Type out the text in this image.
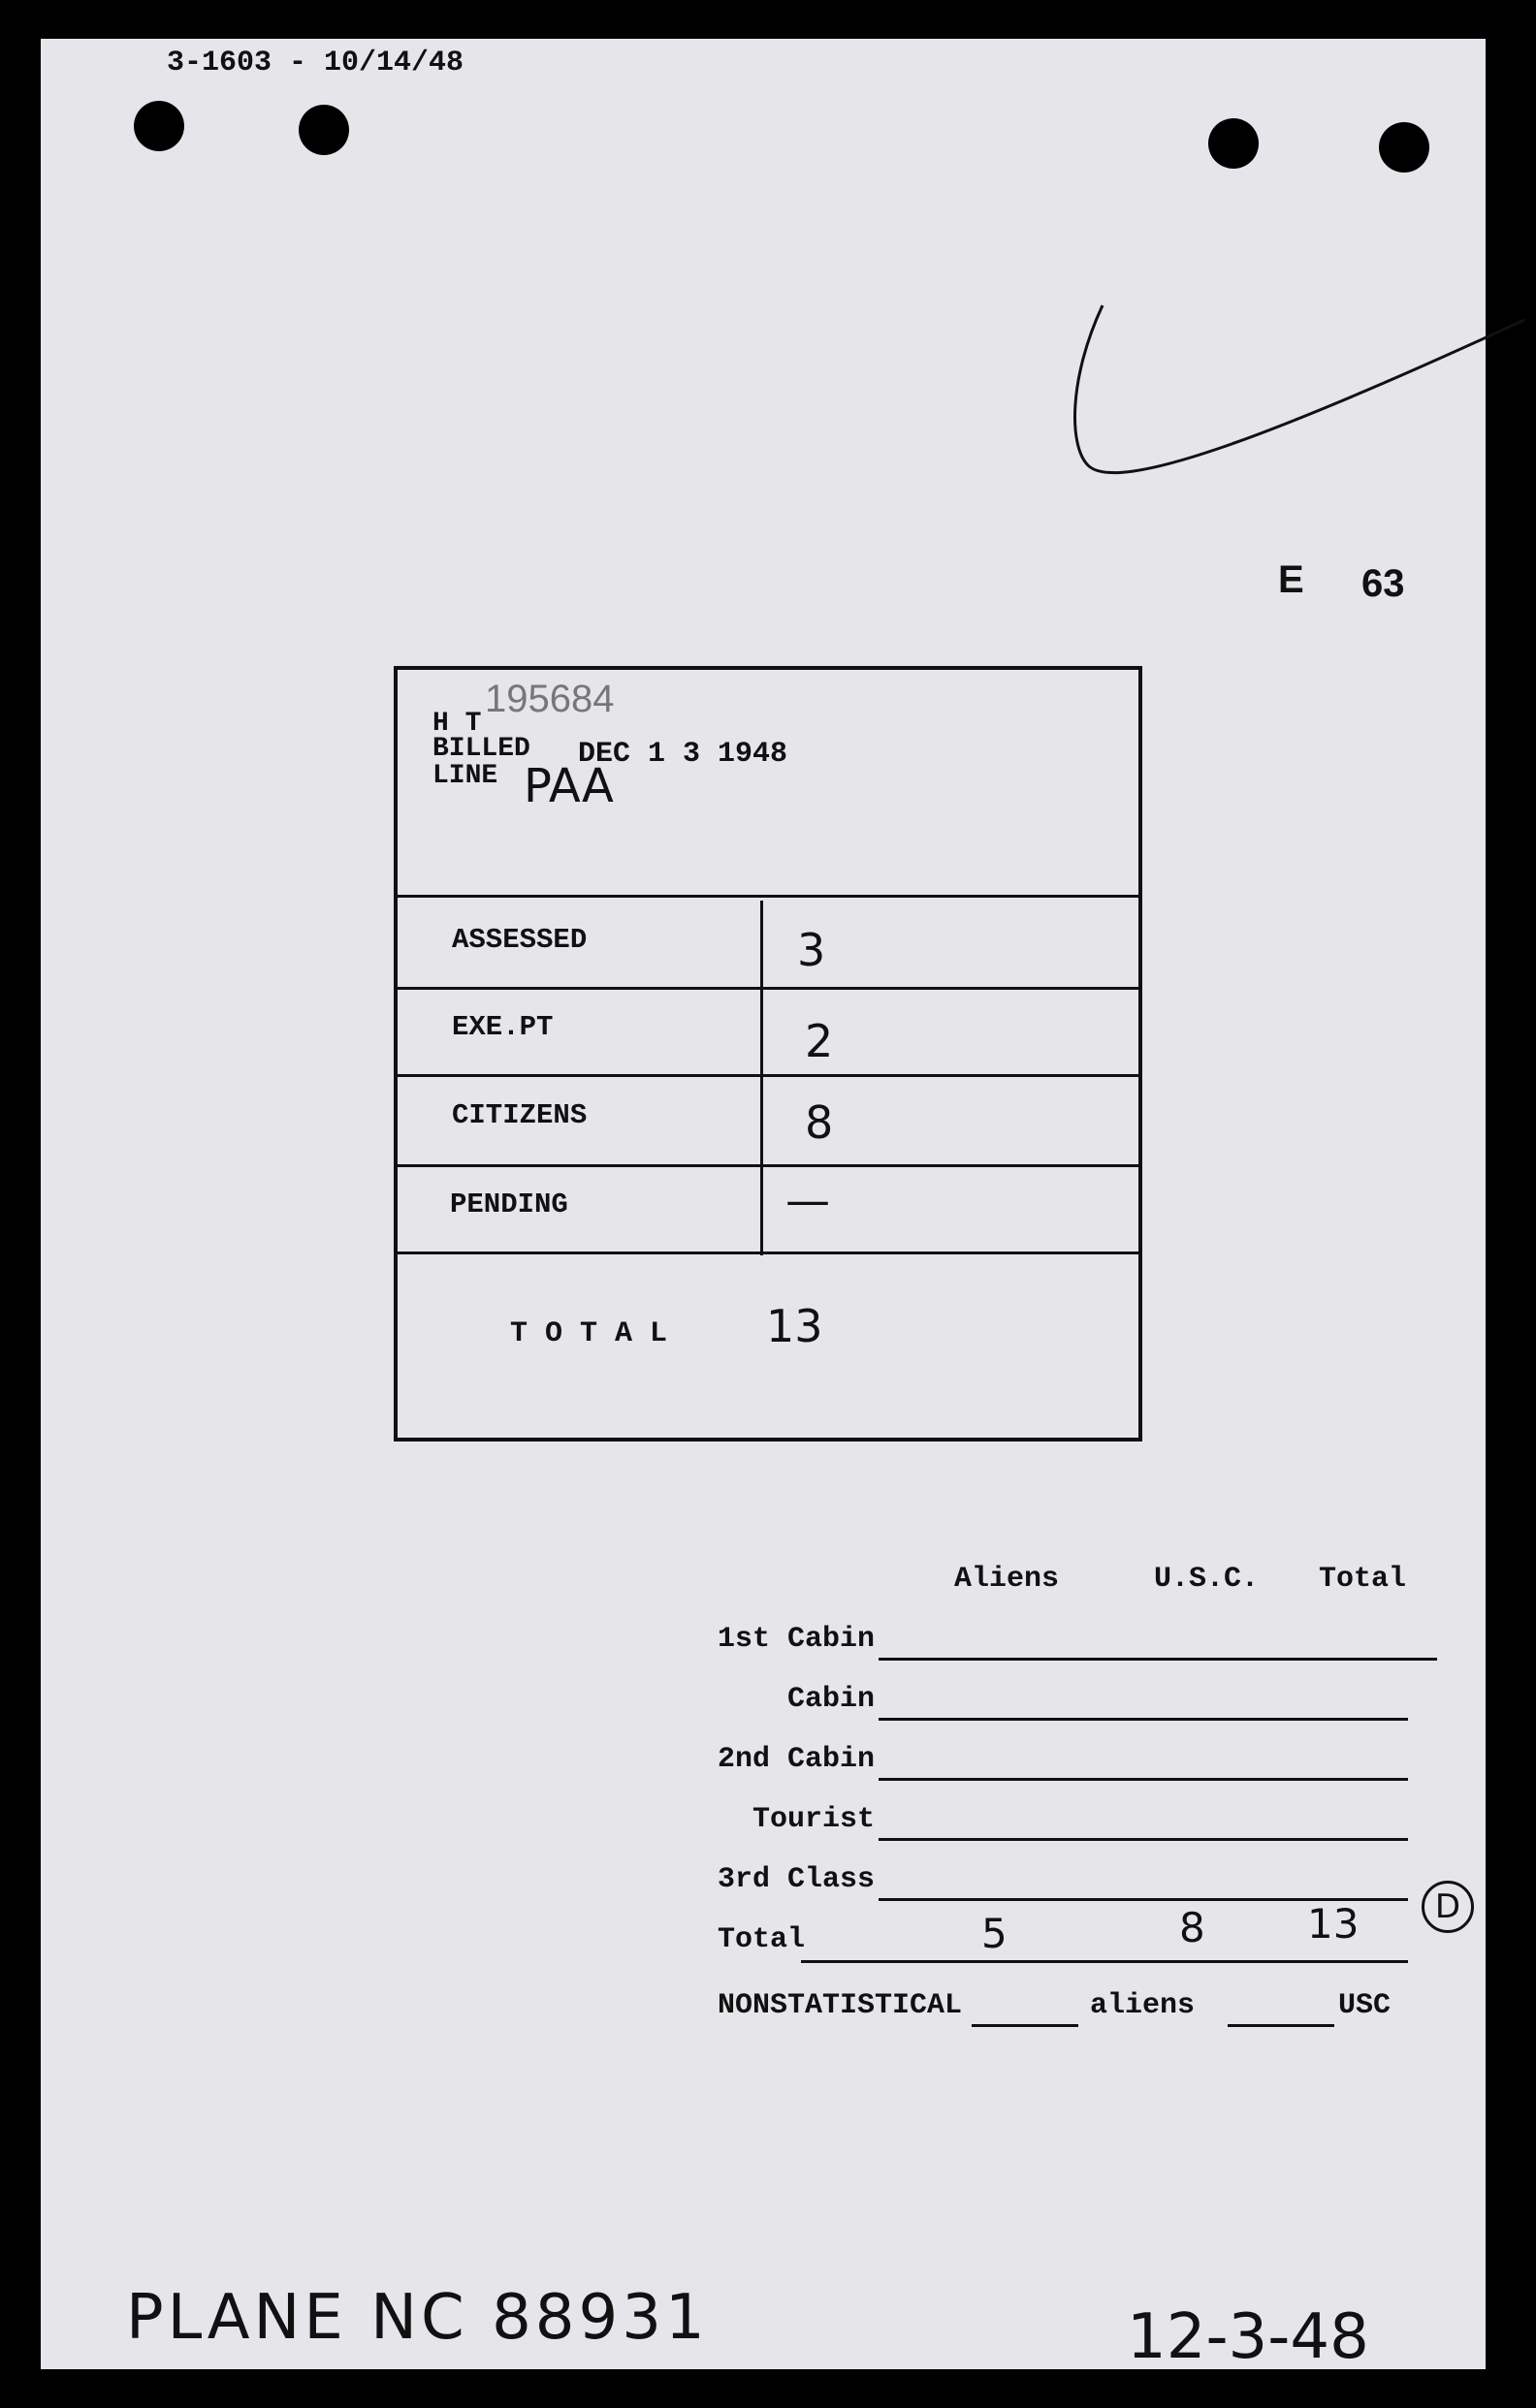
3-1603 - 10/14/48
E 63
195684
H T
BILLED DEC 1 3 1948
LINE PAA
ASSESSED	3
EXE.PT	2
CITIZENS	8
PENDING	—
T O T A L 13
Aliens	U.S.C. Total
1st Cabin
Cabin
2nd Cabin
Tourist
3rd Class
Total	5	8	13	D
NONSTATISTICAL	aliens	USC
PLANE NC 88931	12-3-48
